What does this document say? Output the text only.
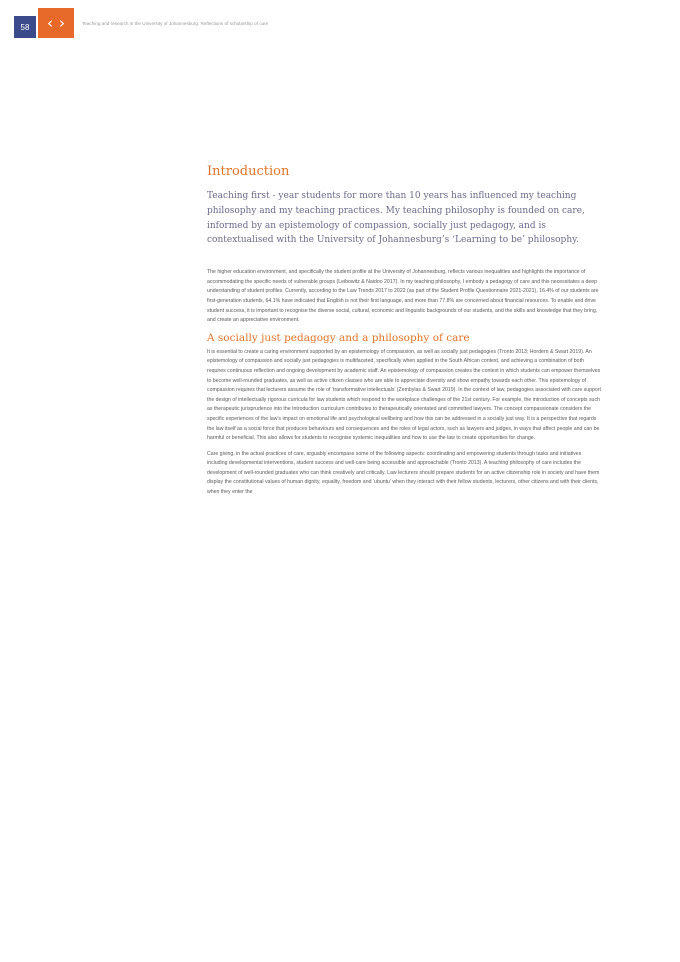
58	‹ ›	Teaching and research in the University of Johannesburg: Reflections of scholarship of care
Introduction

Teaching first - year students for more than 10 years has influenced my teaching philosophy and my teaching practices. My teaching philosophy is founded on care, informed by an epistemology of compassion, socially just pedagogy, and is contextualised with the University of Johannesburg’s ‘Learning to be’ philosophy.

The higher education environment, and specifically the student profile at the University of Johannesburg, reflects various inequalities and highlights the importance of accommodating the specific needs of vulnerable groups (Leibowitz & Naidoo 2017). In my teaching philosophy, I embody a pedagogy of care and this necessitates a deep understanding of student profiles. Currently, according to the Law Trends 2017 to 2022 (as part of the Student Profile Questionnaire 2021-2021), 16.4% of our students are first-generation students, 64.1% have indicated that English is not their first language, and more than 77.8% are concerned about financial resources. To enable and drive student success, it is important to recognise the diverse social, cultural, economic and linguistic backgrounds of our students, and the skills and knowledge that they bring, and create an appreciative environment.

A socially just pedagogy and a philosophy of care

It is essential to create a caring environment supported by an epistemology of compassion, as well as socially just pedagogies (Tronto 2013; Hordern & Swart 2019). An epistemology of compassion and socially just pedagogies is multifaceted, specifically when applied in the South African context, and achieving a combination of both requires continuous reflection and ongoing development by academic staff. An epistemology of compassion creates the context in which students can empower themselves to become well-rounded graduates, as well as active citizen classes who are able to appreciate diversity and show empathy towards each other. This epistemology of compassion requires that lecturers assume the role of ‘transformative intellectuals’ (Zembylas & Swart 2019). In the context of law, pedagogies associated with care support the design of intellectually rigorous curricula for law students which respond to the workplace challenges of the 21st century. For example, the introduction of concepts such as therapeutic jurisprudence into the Introduction curriculum contributes to therapeutically orientated and committed lawyers. The concept compassionate considers the specific experiences of the law’s impact on emotional life and psychological wellbeing and how this can be addressed in a socially just way. It is a perspective that regards the law itself as a social force that produces behaviours and consequences and the roles of legal actors, such as lawyers and judges, in ways that affect people and can be harmful or beneficial. This also allows for students to recognise systemic inequalities and how to use the law to create opportunities for change.

Care giving, in the actual practices of care, arguably encompass some of the following aspects: coordinating and empowering students through tasks and initiatives including developmental interventions, student success and well-care being accessible and approachable (Tronto 2013). A teaching philosophy of care includes the development of well-rounded graduates who can think creatively and critically. Law lecturers should prepare students for an active citizenship role in society and have them display the constitutional values of human dignity, equality, freedom and ‘ubuntu’ when they interact with their fellow students, lecturers, other citizens and with their clients, when they enter the
